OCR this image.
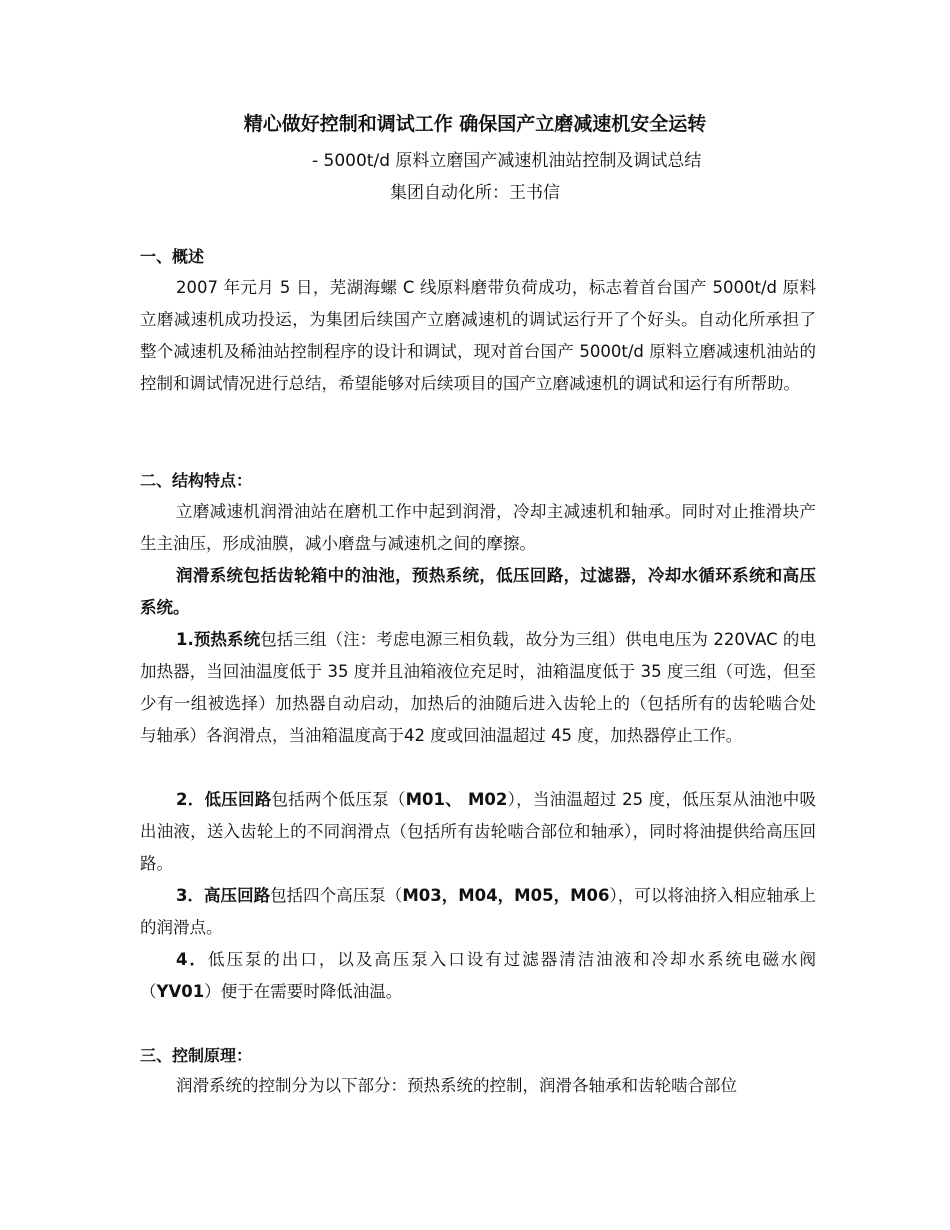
精心做好控制和调试工作 确保国产立磨减速机安全运转
- 5000t/d 原料立磨国产减速机油站控制及调试总结
集团自动化所：王书信
一、概述

2007 年元月 5 日，芜湖海螺 C 线原料磨带负荷成功，标志着首台国产 5000t/d 原料立磨减速机成功投运，为集团后续国产立磨减速机的调试运行开了个好头。自动化所承担了整个减速机及稀油站控制程序的设计和调试，现对首台国产 5000t/d 原料立磨减速机油站的控制和调试情况进行总结，希望能够对后续项目的国产立磨减速机的调试和运行有所帮助。

二、结构特点：

立磨减速机润滑油站在磨机工作中起到润滑，冷却主减速机和轴承。同时对止推滑块产生主油压，形成油膜，减小磨盘与减速机之间的摩擦。

润滑系统包括齿轮箱中的油池，预热系统，低压回路，过滤器，冷却水循环系统和高压系统。

1.预热系统包括三组（注：考虑电源三相负载，故分为三组）供电电压为 220VAC 的电加热器，当回油温度低于 35 度并且油箱液位充足时，油箱温度低于 35 度三组（可选，但至少有一组被选择）加热器自动启动，加热后的油随后进入齿轮上的（包括所有的齿轮啮合处与轴承）各润滑点，当油箱温度高于42 度或回油温超过 45 度，加热器停止工作。

2．低压回路包括两个低压泵（M01、 M02），当油温超过 25 度，低压泵从油池中吸出油液，送入齿轮上的不同润滑点（包括所有齿轮啮合部位和轴承），同时将油提供给高压回路。

3．高压回路包括四个高压泵（M03，M04，M05，M06），可以将油挤入相应轴承上的润滑点。

4．低压泵的出口，以及高压泵入口设有过滤器清洁油液和冷却水系统电磁水阀（YV01）便于在需要时降低油温。

三、控制原理：

润滑系统的控制分为以下部分：预热系统的控制，润滑各轴承和齿轮啮合部位
